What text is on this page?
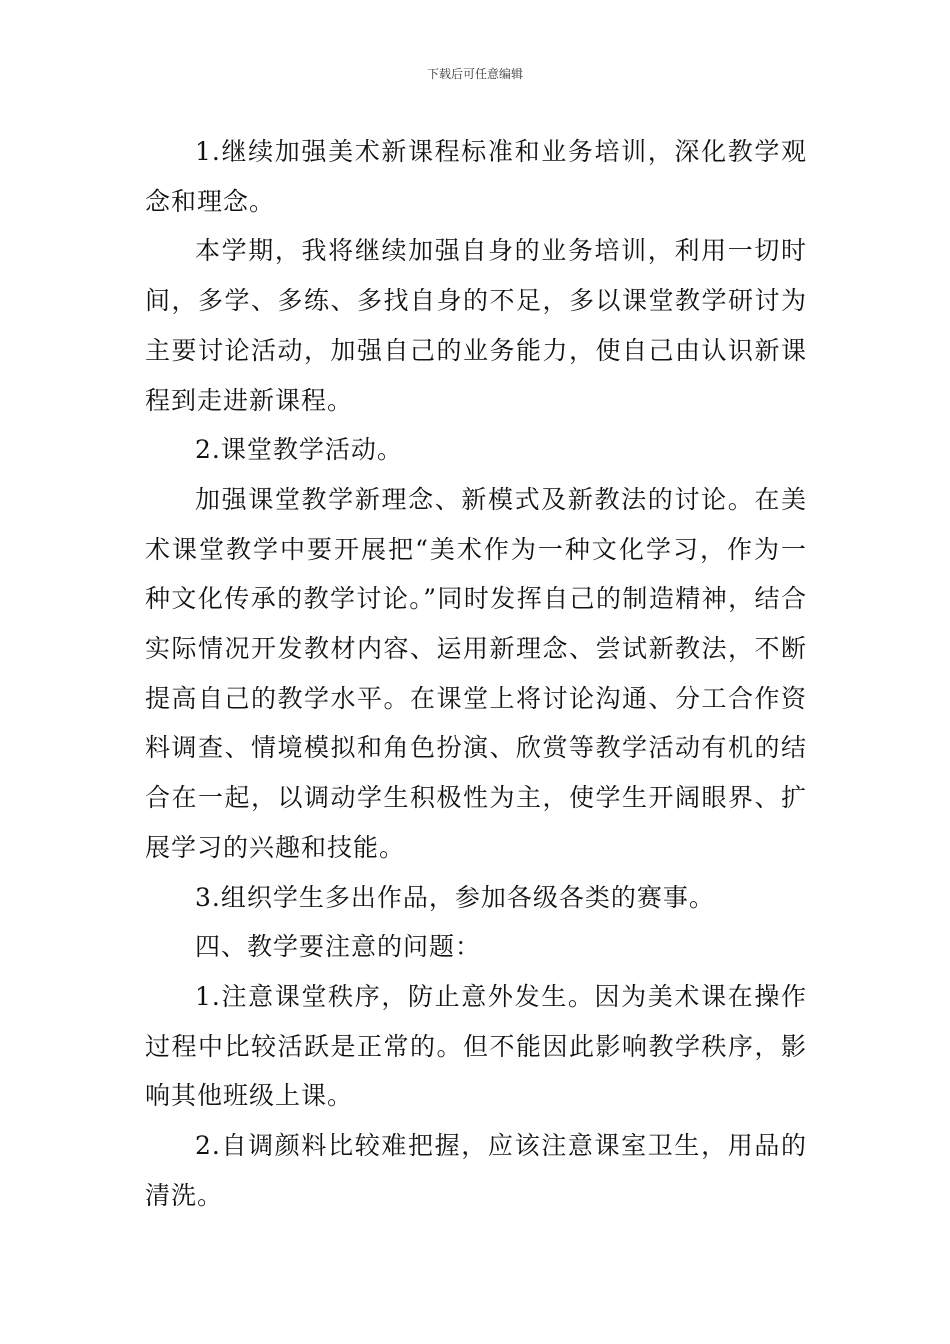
下载后可任意编辑

1.继续加强美术新课程标准和业务培训，深化教学观念和理念。

本学期，我将继续加强自身的业务培训，利用一切时间，多学、多练、多找自身的不足，多以课堂教学研讨为主要讨论活动，加强自己的业务能力，使自己由认识新课程到走进新课程。

2.课堂教学活动。

加强课堂教学新理念、新模式及新教法的讨论。在美术课堂教学中要开展把“美术作为一种文化学习，作为一种文化传承的教学讨论。”同时发挥自己的制造精神，结合实际情况开发教材内容、运用新理念、尝试新教法，不断提高自己的教学水平。在课堂上将讨论沟通、分工合作资料调查、情境模拟和角色扮演、欣赏等教学活动有机的结合在一起，以调动学生积极性为主，使学生开阔眼界、扩展学习的兴趣和技能。

3.组织学生多出作品，参加各级各类的赛事。

四、教学要注意的问题：

1.注意课堂秩序，防止意外发生。因为美术课在操作过程中比较活跃是正常的。但不能因此影响教学秩序，影响其他班级上课。

2.自调颜料比较难把握，应该注意课室卫生，用品的清洗。
